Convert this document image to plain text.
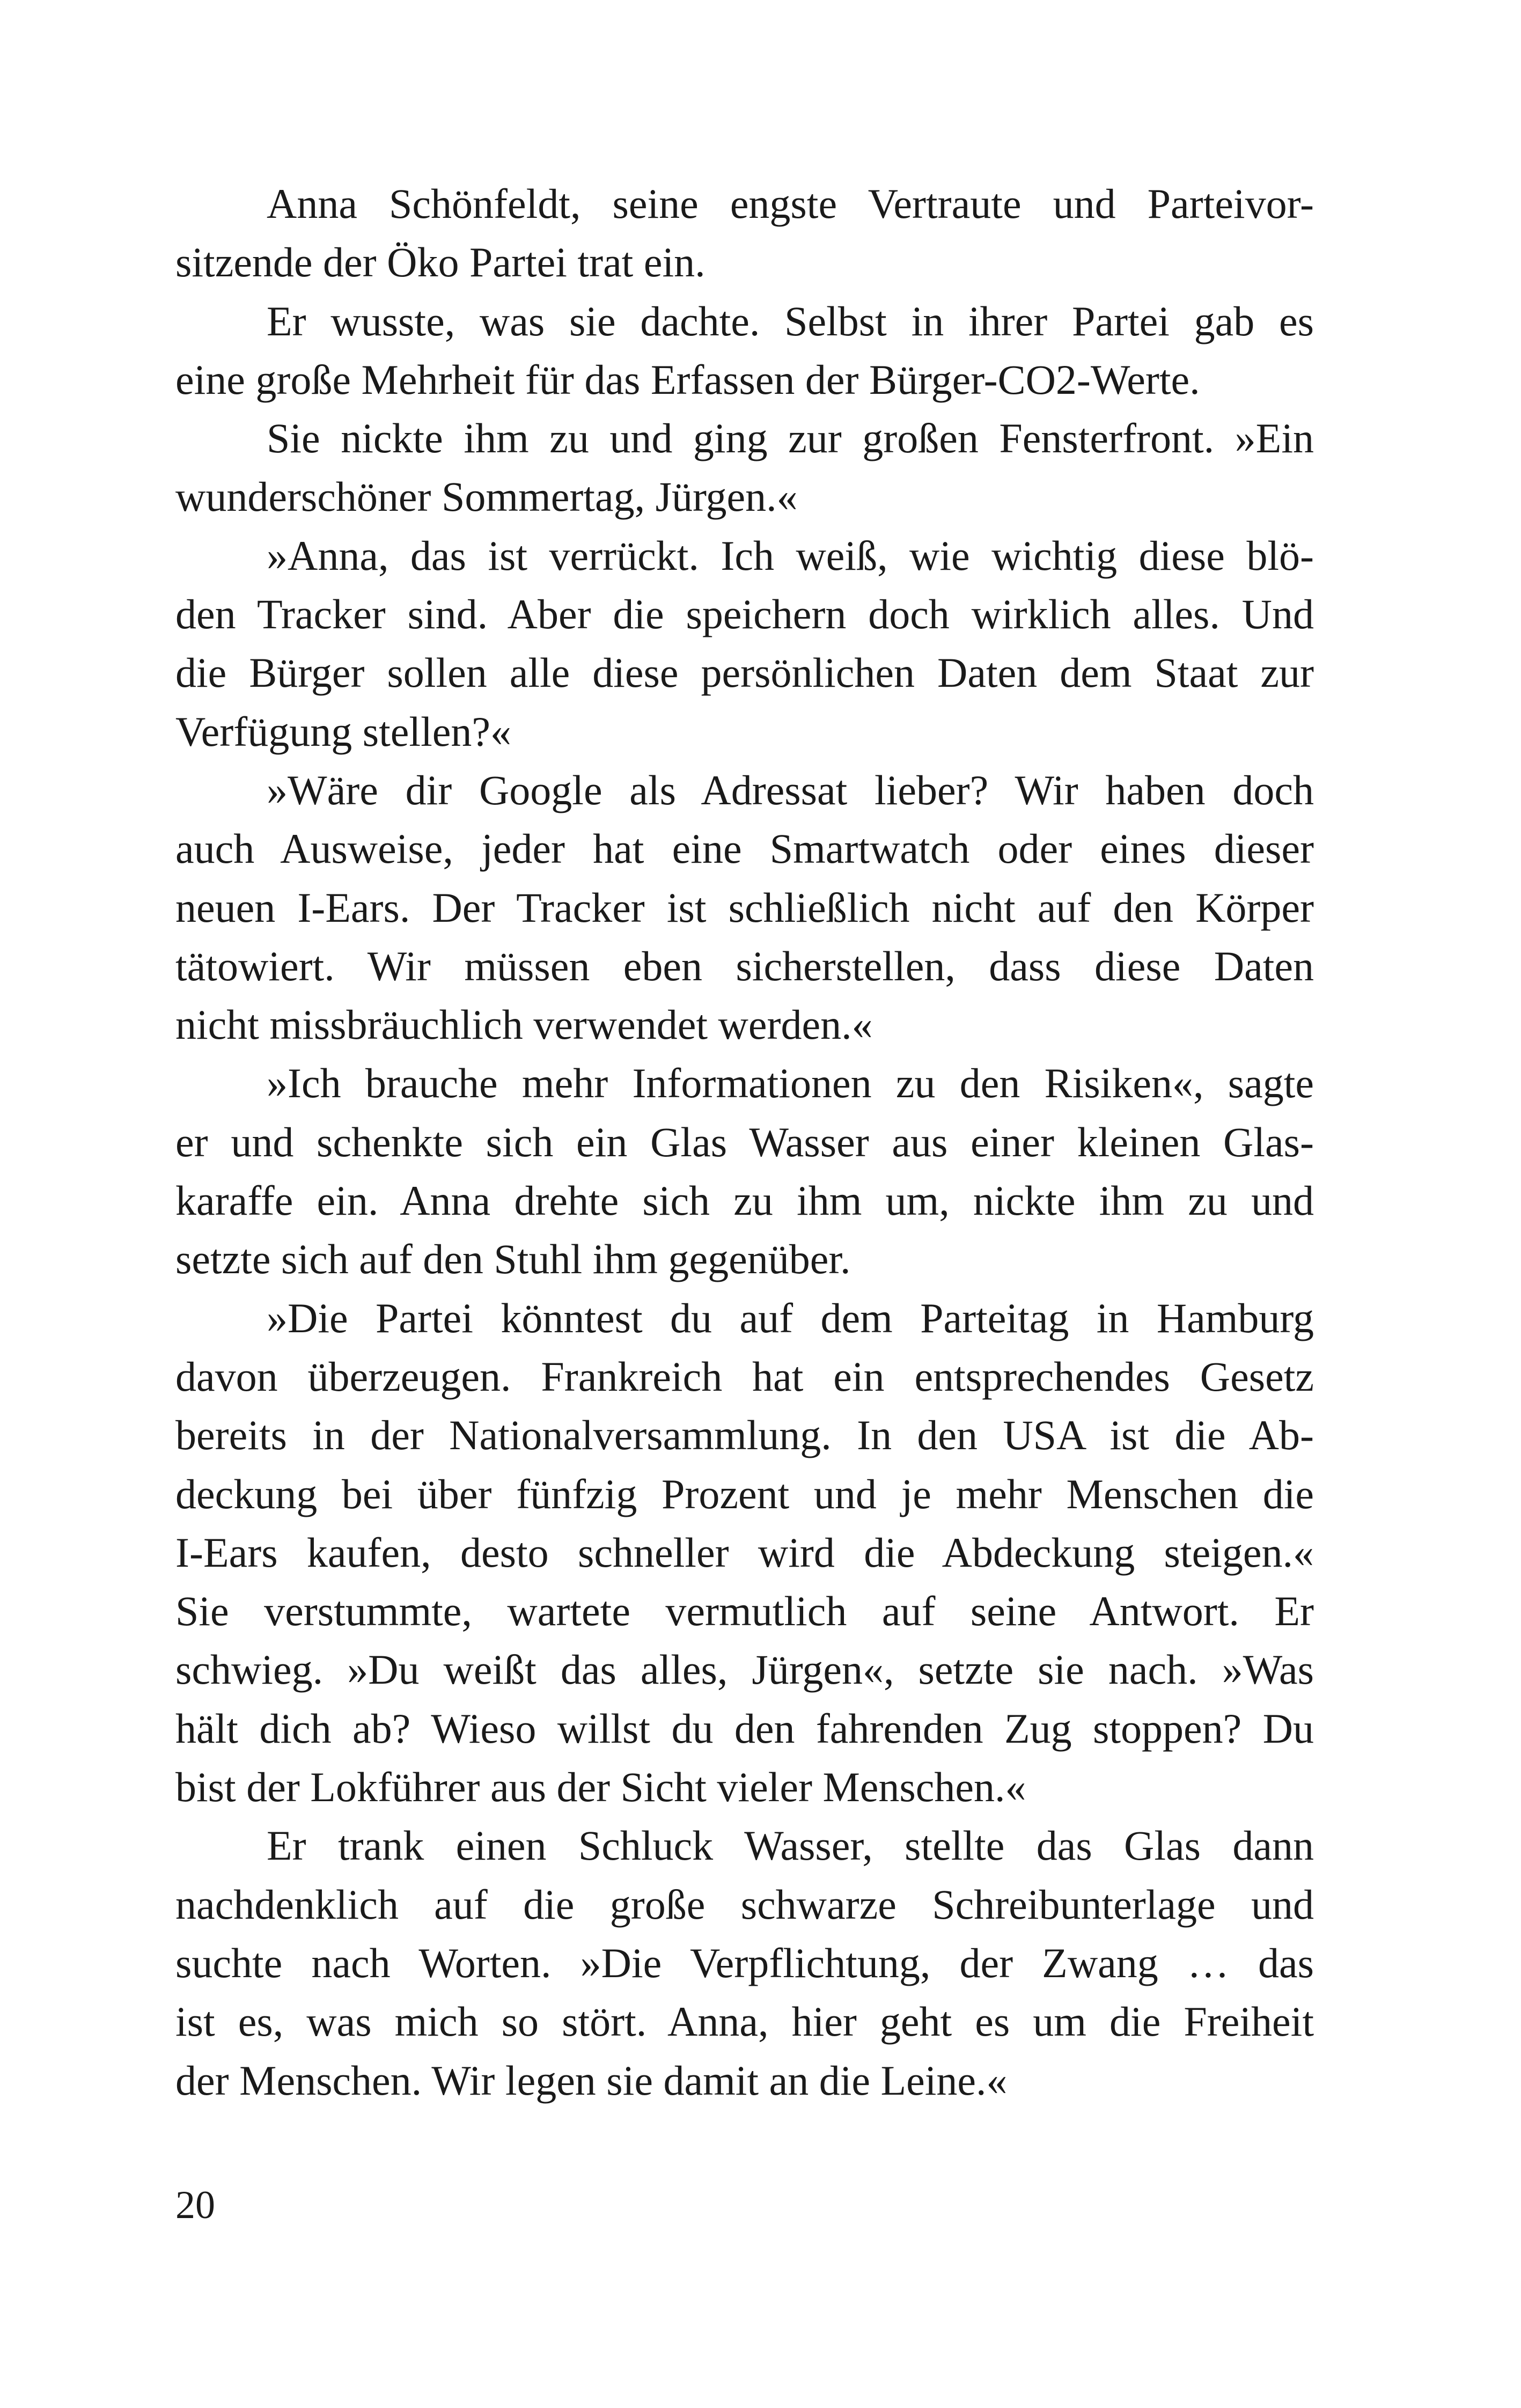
Anna Schönfeldt, seine engste Vertraute und Parteivor-
sitzende der Öko Partei trat ein.
Er wusste, was sie dachte. Selbst in ihrer Partei gab es
eine große Mehrheit für das Erfassen der Bürger-CO2-Werte.
Sie nickte ihm zu und ging zur großen Fensterfront. »Ein
wunderschöner Sommertag, Jürgen.«
»Anna, das ist verrückt. Ich weiß, wie wichtig diese blö-
den Tracker sind. Aber die speichern doch wirklich alles. Und
die Bürger sollen alle diese persönlichen Daten dem Staat zur
Verfügung stellen?«
»Wäre dir Google als Adressat lieber? Wir haben doch
auch Ausweise, jeder hat eine Smartwatch oder eines dieser
neuen I-Ears. Der Tracker ist schließlich nicht auf den Körper
tätowiert. Wir müssen eben sicherstellen, dass diese Daten
nicht missbräuchlich verwendet werden.«
»Ich brauche mehr Informationen zu den Risiken«, sagte
er und schenkte sich ein Glas Wasser aus einer kleinen Glas-
karaffe ein. Anna drehte sich zu ihm um, nickte ihm zu und
setzte sich auf den Stuhl ihm gegenüber.
»Die Partei könntest du auf dem Parteitag in Hamburg
davon überzeugen. Frankreich hat ein entsprechendes Gesetz
bereits in der Nationalversammlung. In den USA ist die Ab-
deckung bei über fünfzig Prozent und je mehr Menschen die
I-Ears kaufen, desto schneller wird die Abdeckung steigen.«
Sie verstummte, wartete vermutlich auf seine Antwort. Er
schwieg. »Du weißt das alles, Jürgen«, setzte sie nach. »Was
hält dich ab? Wieso willst du den fahrenden Zug stoppen? Du
bist der Lokführer aus der Sicht vieler Menschen.«
Er trank einen Schluck Wasser, stellte das Glas dann
nachdenklich auf die große schwarze Schreibunterlage und
suchte nach Worten. »Die Verpflichtung, der Zwang … das
ist es, was mich so stört. Anna, hier geht es um die Freiheit
der Menschen. Wir legen sie damit an die Leine.«
20
